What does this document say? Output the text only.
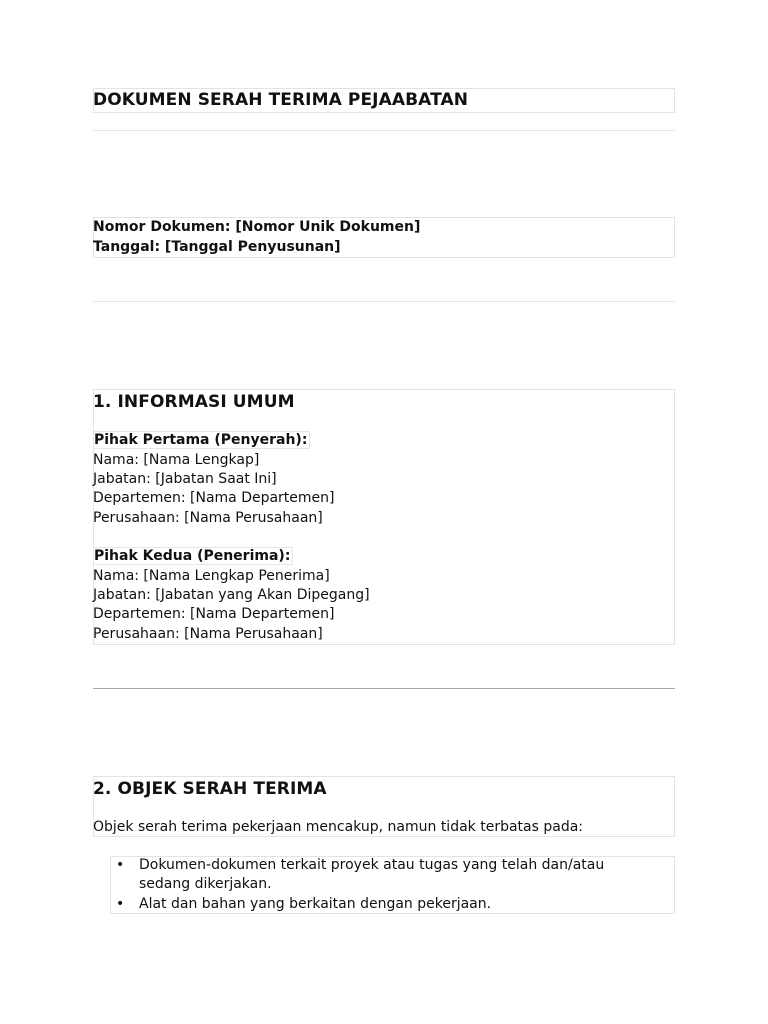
DOKUMEN SERAH TERIMA PEJAABATAN
Nomor Dokumen: [Nomor Unik Dokumen]
Tanggal: [Tanggal Penyusunan]
1. INFORMASI UMUM
Pihak Pertama (Penyerah):
Nama: [Nama Lengkap]
Jabatan: [Jabatan Saat Ini]
Departemen: [Nama Departemen]
Perusahaan: [Nama Perusahaan]
Pihak Kedua (Penerima):
Nama: [Nama Lengkap Penerima]
Jabatan: [Jabatan yang Akan Dipegang]
Departemen: [Nama Departemen]
Perusahaan: [Nama Perusahaan]
2. OBJEK SERAH TERIMA
Objek serah terima pekerjaan mencakup, namun tidak terbatas pada:
• Dokumen-dokumen terkait proyek atau tugas yang telah dan/atau sedang dikerjakan.
• Alat dan bahan yang berkaitan dengan pekerjaan.
